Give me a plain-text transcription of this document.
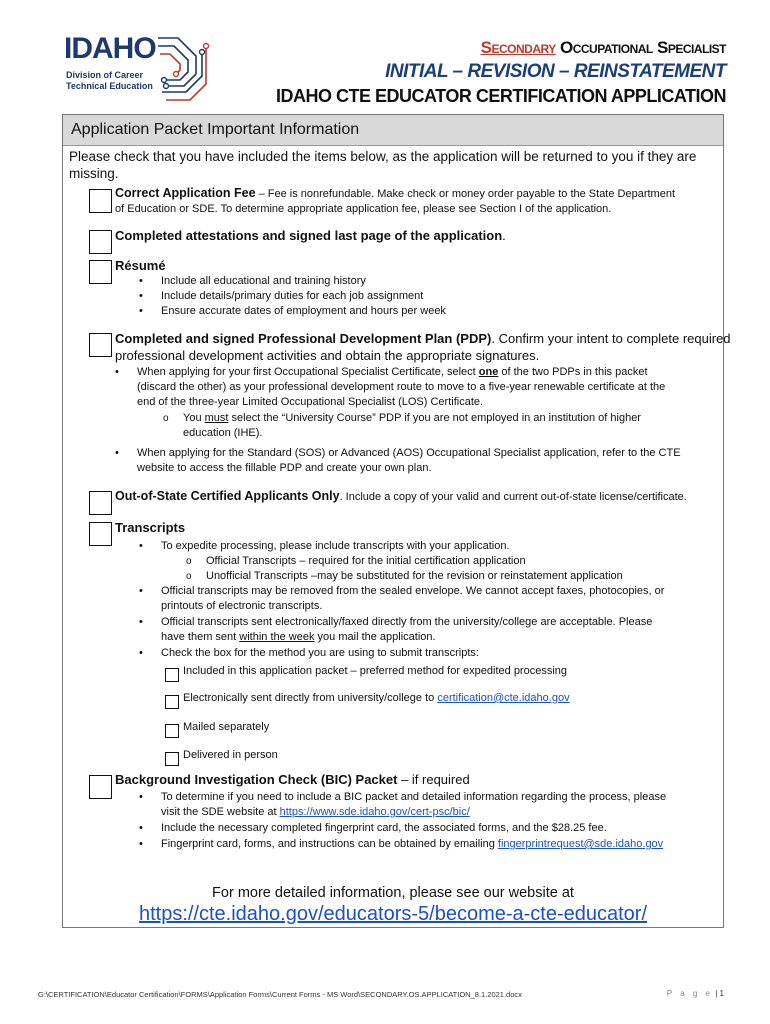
IDAHO
Division of Career
Technical Education
Secondary Occupational Specialist
INITIAL – REVISION – REINSTATEMENT
IDAHO CTE EDUCATOR CERTIFICATION APPLICATION
Application Packet Important Information
Please check that you have included the items below, as the application will be returned to you if they are missing.
Correct Application Fee – Fee is nonrefundable. Make check or money order payable to the State Department
of Education or SDE. To determine appropriate application fee, please see Section I of the application.
Completed attestations and signed last page of the application.
Résumé
• Include all educational and training history
• Include details/primary duties for each job assignment
• Ensure accurate dates of employment and hours per week
Completed and signed Professional Development Plan (PDP). Confirm your intent to complete required
professional development activities and obtain the appropriate signatures.
• When applying for your first Occupational Specialist Certificate, select one of the two PDPs in this packet
(discard the other) as your professional development route to move to a five-year renewable certificate at the
end of the three-year Limited Occupational Specialist (LOS) Certificate.
o You must select the “University Course” PDP if you are not employed in an institution of higher
education (IHE).
• When applying for the Standard (SOS) or Advanced (AOS) Occupational Specialist application, refer to the CTE
website to access the fillable PDP and create your own plan.
Out-of-State Certified Applicants Only. Include a copy of your valid and current out-of-state license/certificate.
Transcripts
• To expedite processing, please include transcripts with your application.
o Official Transcripts – required for the initial certification application
o Unofficial Transcripts –may be substituted for the revision or reinstatement application
• Official transcripts may be removed from the sealed envelope. We cannot accept faxes, photocopies, or
printouts of electronic transcripts.
• Official transcripts sent electronically/faxed directly from the university/college are acceptable. Please
have them sent within the week you mail the application.
• Check the box for the method you are using to submit transcripts:
Included in this application packet – preferred method for expedited processing
Electronically sent directly from university/college to certification@cte.idaho.gov
Mailed separately
Delivered in person
Background Investigation Check (BIC) Packet – if required
• To determine if you need to include a BIC packet and detailed information regarding the process, please
visit the SDE website at https://www.sde.idaho.gov/cert-psc/bic/
• Include the necessary completed fingerprint card, the associated forms, and the $28.25 fee.
• Fingerprint card, forms, and instructions can be obtained by emailing fingerprintrequest@sde.idaho.gov
For more detailed information, please see our website at
https://cte.idaho.gov/educators-5/become-a-cte-educator/
G:\CERTIFICATION\Educator Certification\FORMS\Application Forms\Current Forms - MS Word\SECONDARY.OS.APPLICATION_8.1.2021.docx	P a g e | 1
